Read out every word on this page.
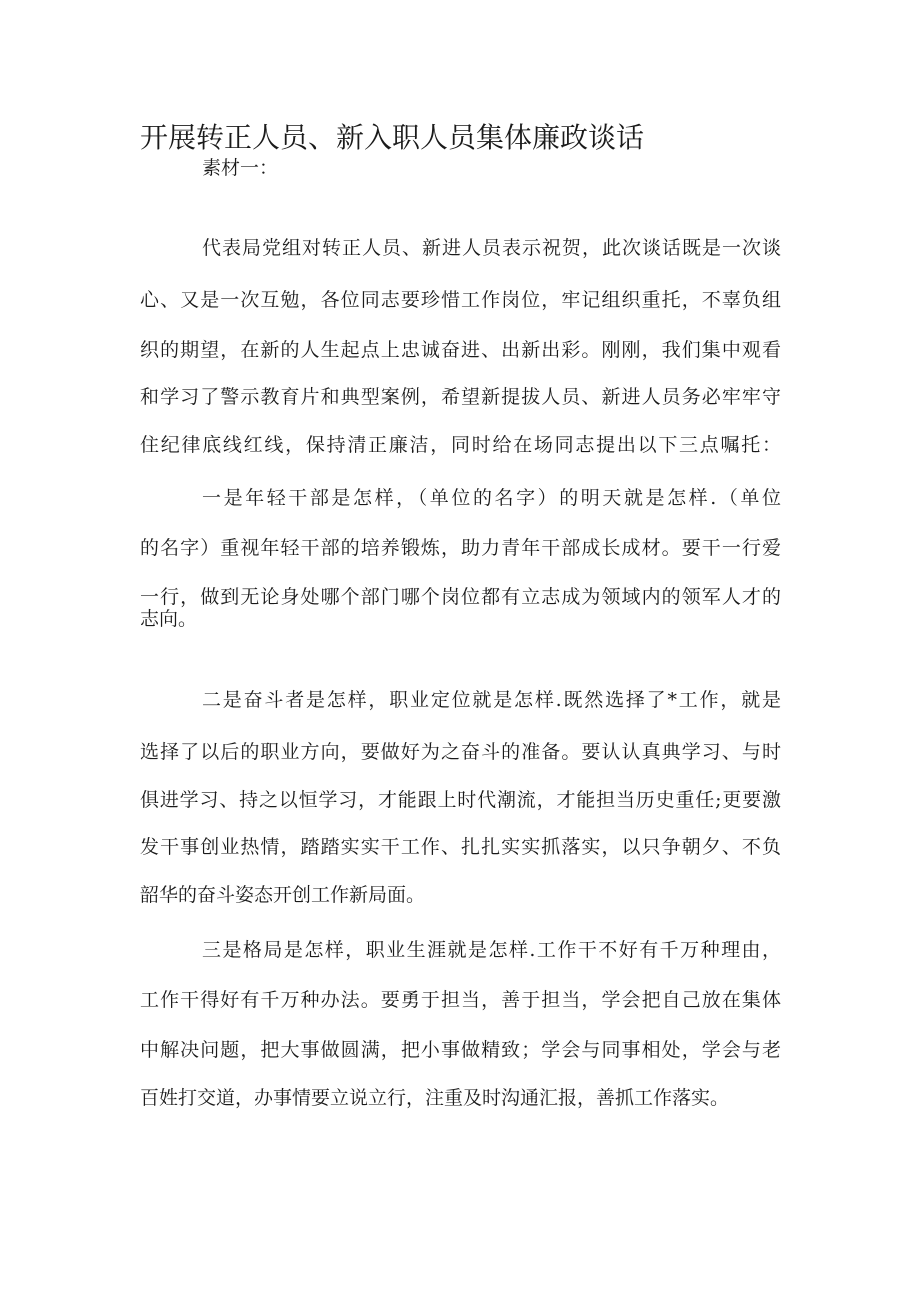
开展转正人员、新入职人员集体廉政谈话
素材一：
代表局党组对转正人员、新进人员表示祝贺，此次谈话既是一次谈
心、又是一次互勉，各位同志要珍惜工作岗位，牢记组织重托，不辜负组
织的期望，在新的人生起点上忠诚奋进、出新出彩。刚刚，我们集中观看
和学习了警示教育片和典型案例，希望新提拔人员、新进人员务必牢牢守
住纪律底线红线，保持清正廉洁，同时给在场同志提出以下三点嘱托：
一是年轻干部是怎样，（单位的名字）的明天就是怎样.（单位
的名字）重视年轻干部的培养锻炼，助力青年干部成长成材。要干一行爱
一行，做到无论身处哪个部门哪个岗位都有立志成为领域内的领军人才的
志向。
二是奋斗者是怎样，职业定位就是怎样.既然选择了*工作，就是
选择了以后的职业方向，要做好为之奋斗的准备。要认认真典学习、与时
俱进学习、持之以恒学习，才能跟上时代潮流，才能担当历史重任;更要激
发干事创业热情，踏踏实实干工作、扎扎实实抓落实，以只争朝夕、不负
韶华的奋斗姿态开创工作新局面。
三是格局是怎样，职业生涯就是怎样.工作干不好有千万种理由，
工作干得好有千万种办法。要勇于担当，善于担当，学会把自己放在集体
中解决问题，把大事做圆满，把小事做精致；学会与同事相处，学会与老
百姓打交道，办事情要立说立行，注重及时沟通汇报，善抓工作落实。
